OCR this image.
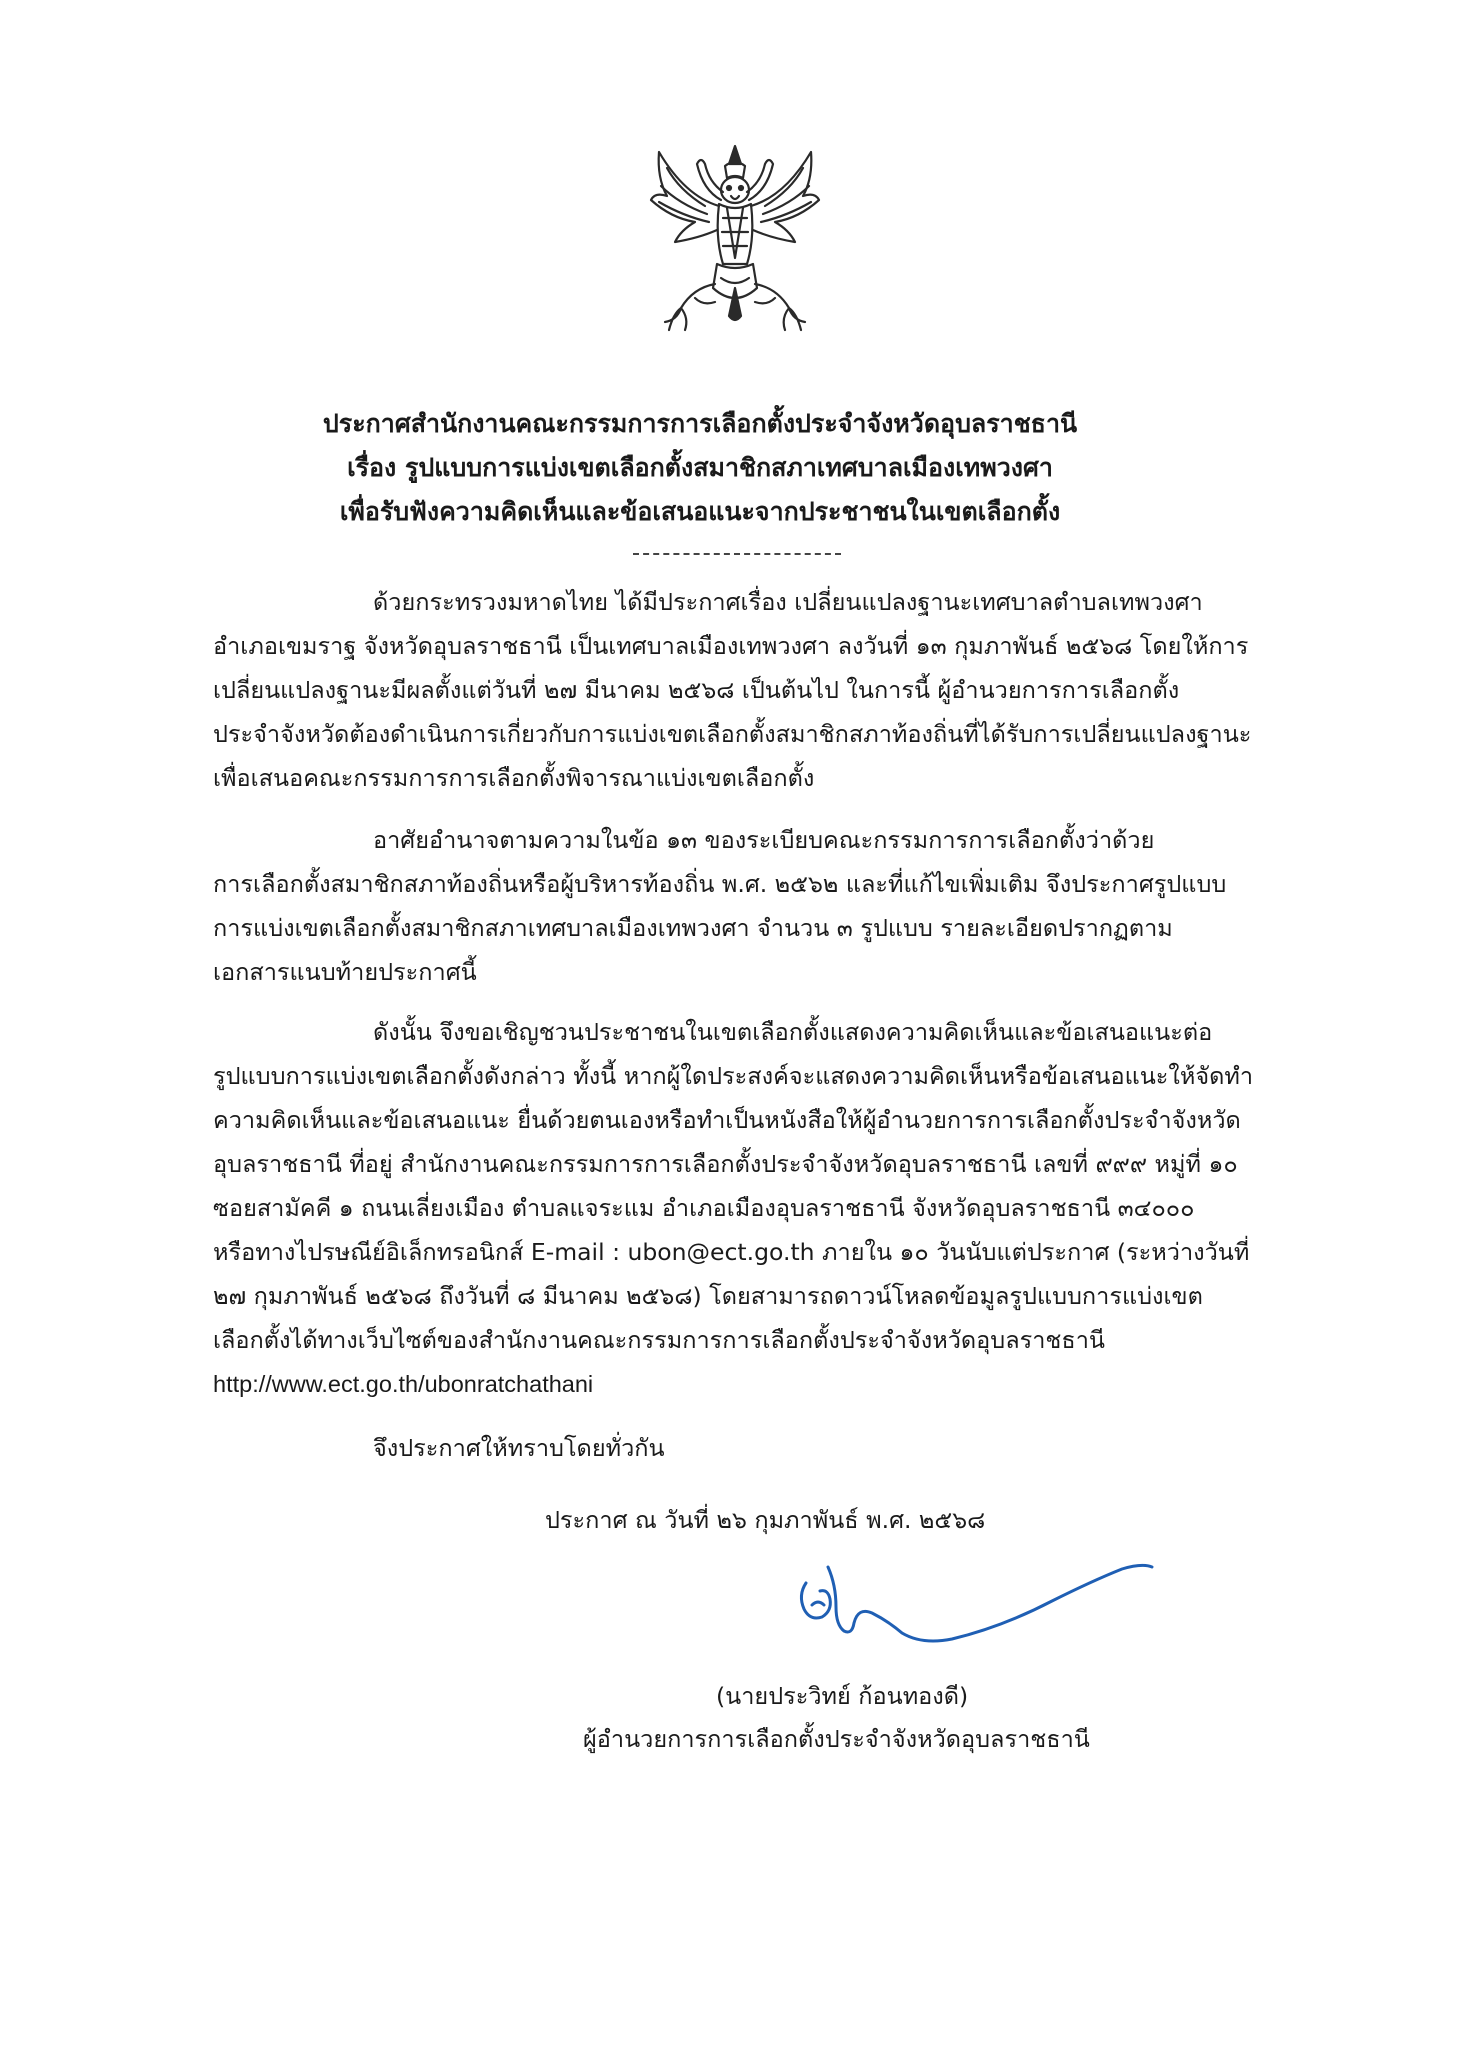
ประกาศสำนักงานคณะกรรมการการเลือกตั้งประจำจังหวัดอุบลราชธานี
เรื่อง รูปแบบการแบ่งเขตเลือกตั้งสมาชิกสภาเทศบาลเมืองเทพวงศา
เพื่อรับฟังความคิดเห็นและข้อเสนอแนะจากประชาชนในเขตเลือกตั้ง
ด้วยกระทรวงมหาดไทย ได้มีประกาศเรื่อง เปลี่ยนแปลงฐานะเทศบาลตำบลเทพวงศา
อำเภอเขมราฐ จังหวัดอุบลราชธานี เป็นเทศบาลเมืองเทพวงศา ลงวันที่ ๑๓ กุมภาพันธ์ ๒๕๖๘ โดยให้การ
เปลี่ยนแปลงฐานะมีผลตั้งแต่วันที่ ๒๗ มีนาคม ๒๕๖๘ เป็นต้นไป ในการนี้ ผู้อำนวยการการเลือกตั้ง
ประจำจังหวัดต้องดำเนินการเกี่ยวกับการแบ่งเขตเลือกตั้งสมาชิกสภาท้องถิ่นที่ได้รับการเปลี่ยนแปลงฐานะ
เพื่อเสนอคณะกรรมการการเลือกตั้งพิจารณาแบ่งเขตเลือกตั้ง
อาศัยอำนาจตามความในข้อ ๑๓ ของระเบียบคณะกรรมการการเลือกตั้งว่าด้วย
การเลือกตั้งสมาชิกสภาท้องถิ่นหรือผู้บริหารท้องถิ่น พ.ศ. ๒๕๖๒ และที่แก้ไขเพิ่มเติม จึงประกาศรูปแบบ
การแบ่งเขตเลือกตั้งสมาชิกสภาเทศบาลเมืองเทพวงศา จำนวน ๓ รูปแบบ รายละเอียดปรากฏตาม
เอกสารแนบท้ายประกาศนี้
ดังนั้น จึงขอเชิญชวนประชาชนในเขตเลือกตั้งแสดงความคิดเห็นและข้อเสนอแนะต่อ
รูปแบบการแบ่งเขตเลือกตั้งดังกล่าว ทั้งนี้ หากผู้ใดประสงค์จะแสดงความคิดเห็นหรือข้อเสนอแนะให้จัดทำ
ความคิดเห็นและข้อเสนอแนะ ยื่นด้วยตนเองหรือทำเป็นหนังสือให้ผู้อำนวยการการเลือกตั้งประจำจังหวัด
อุบลราชธานี ที่อยู่ สำนักงานคณะกรรมการการเลือกตั้งประจำจังหวัดอุบลราชธานี เลขที่ ๙๙๙ หมู่ที่ ๑๐
ซอยสามัคคี ๑ ถนนเลี่ยงเมือง ตำบลแจระแม อำเภอเมืองอุบลราชธานี จังหวัดอุบลราชธานี ๓๔๐๐๐
หรือทางไปรษณีย์อิเล็กทรอนิกส์ E-mail : ubon@ect.go.th ภายใน ๑๐ วันนับแต่ประกาศ (ระหว่างวันที่
๒๗ กุมภาพันธ์ ๒๕๖๘ ถึงวันที่ ๘ มีนาคม ๒๕๖๘) โดยสามารถดาวน์โหลดข้อมูลรูปแบบการแบ่งเขต
เลือกตั้งได้ทางเว็บไซต์ของสำนักงานคณะกรรมการการเลือกตั้งประจำจังหวัดอุบลราชธานี
http://www.ect.go.th/ubonratchathani
จึงประกาศให้ทราบโดยทั่วกัน
ประกาศ ณ วันที่ ๒๖ กุมภาพันธ์ พ.ศ. ๒๕๖๘
(นายประวิทย์ ก้อนทองดี)
ผู้อำนวยการการเลือกตั้งประจำจังหวัดอุบลราชธานี
